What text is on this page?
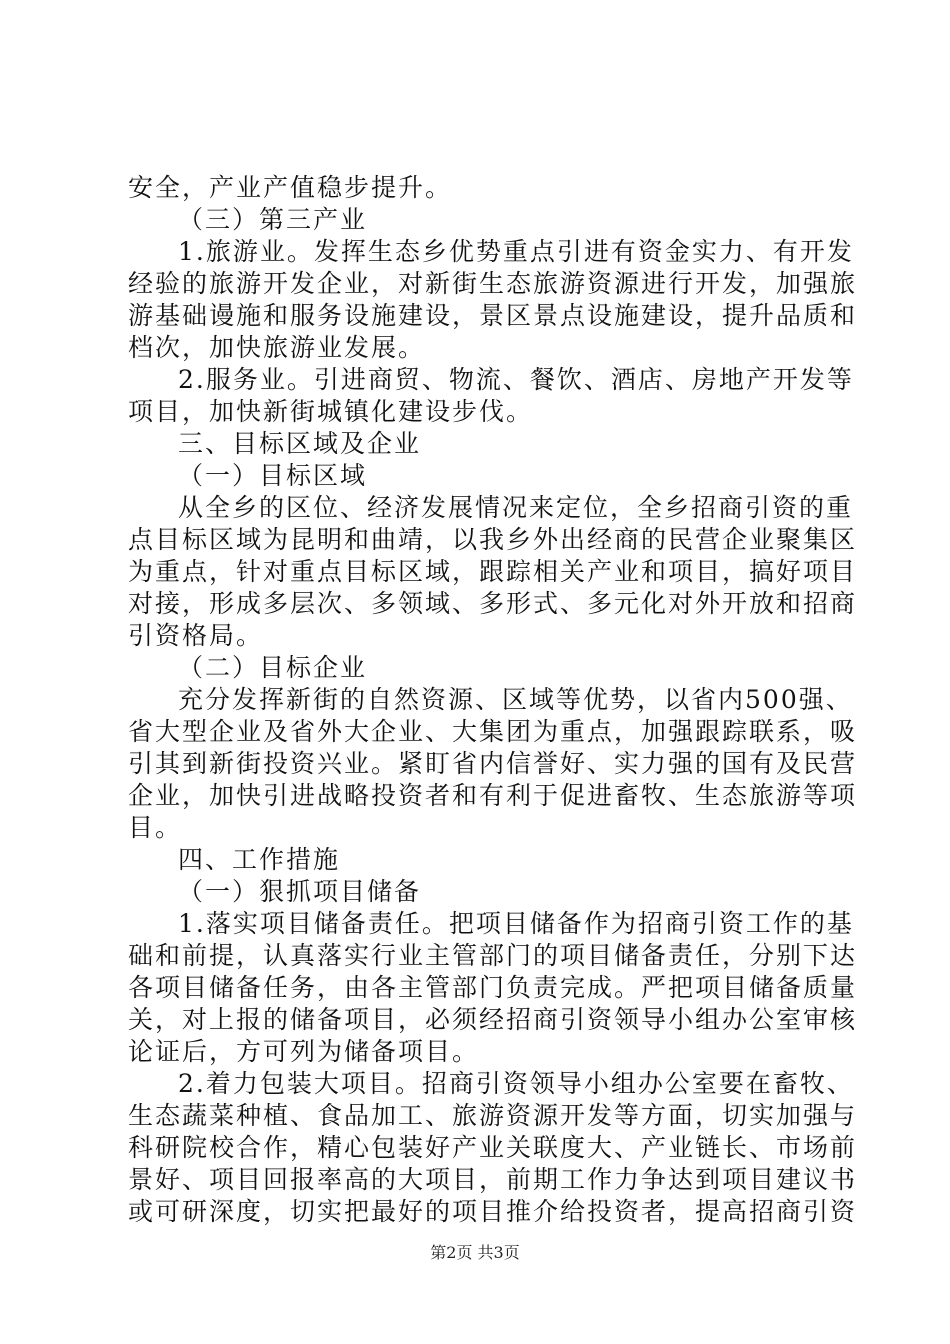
安全，产业产值稳步提升。
（三）第三产业
1.旅游业。发挥生态乡优势重点引进有资金实力、有开发
经验的旅游开发企业，对新街生态旅游资源进行开发，加强旅
游基础谩施和服务设施建设，景区景点设施建设，提升品质和
档次，加快旅游业发展。
2.服务业。引进商贸、物流、餐饮、酒店、房地产开发等
项目，加快新街城镇化建设步伐。
三、目标区域及企业
（一）目标区域
从全乡的区位、经济发展情况来定位，全乡招商引资的重
点目标区域为昆明和曲靖，以我乡外出经商的民营企业聚集区
为重点，针对重点目标区域，跟踪相关产业和项目，搞好项目
对接，形成多层次、多领域、多形式、多元化对外开放和招商
引资格局。
（二）目标企业
充分发挥新街的自然资源、区域等优势，以省内500强、
省大型企业及省外大企业、大集团为重点，加强跟踪联系，吸
引其到新街投资兴业。紧盯省内信誉好、实力强的国有及民营
企业，加快引进战略投资者和有利于促进畜牧、生态旅游等项
目。
四、工作措施
（一）狠抓项目储备
1.落实项目储备责任。把项目储备作为招商引资工作的基
础和前提，认真落实行业主管部门的项目储备责任，分别下达
各项目储备任务，由各主管部门负责完成。严把项目储备质量
关，对上报的储备项目，必须经招商引资领导小组办公室审核
论证后，方可列为储备项目。
2.着力包装大项目。招商引资领导小组办公室要在畜牧、
生态蔬菜种植、食品加工、旅游资源开发等方面，切实加强与
科研院校合作，精心包装好产业关联度大、产业链长、市场前
景好、项目回报率高的大项目，前期工作力争达到项目建议书
或可研深度，切实把最好的项目推介给投资者，提高招商引资
第2页 共3页
